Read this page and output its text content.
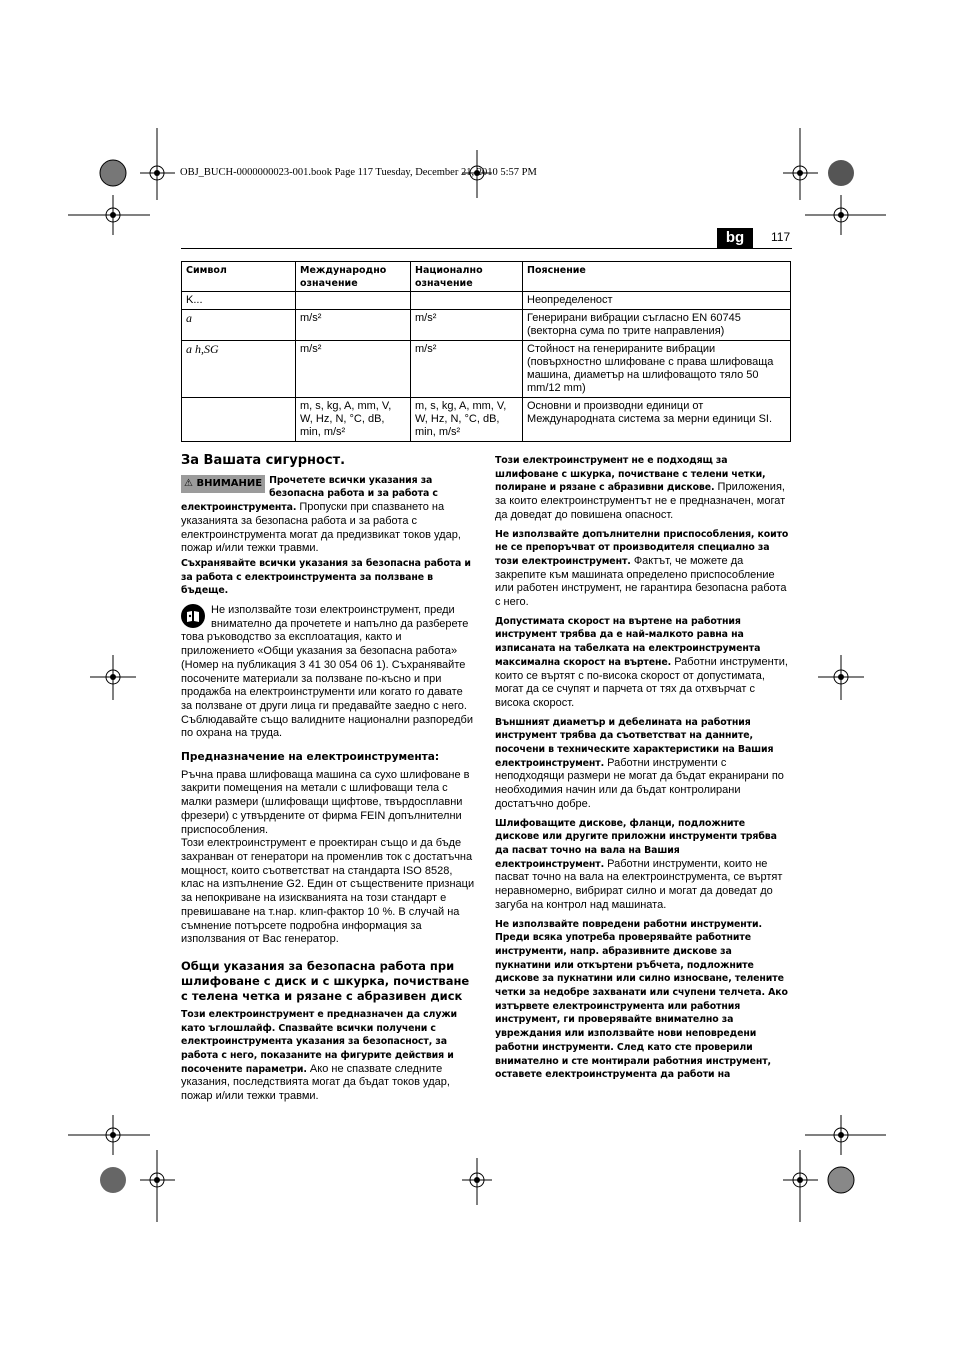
OBJ_BUCH-0000000023-001.book Page 117 Tuesday, December 21, 2010 5:57 PM
bg	117
Символ	Международно означение	Национално означение	Пояснение
K...			Неопределеност
a	m/s²	m/s²	Генерирани вибрации съгласно EN 60745 (векторна сума по трите направления)
a h,SG	m/s²	m/s²	Стойност на генерираните вибрации (повърхностно шлифоване с права шлифоваща машина, диаметър на шлифоващото тяло 50 mm/12 mm)
	m, s, kg, A, mm, V, W, Hz, N, °C, dB, min, m/s²	m, s, kg, A, mm, V, W, Hz, N, °C, dB, min, m/s²	Основни и производни единици от Международната система за мерни единици SI.
За Вашата сигурност.

⚠ ВНИМАНИЕ Прочетете всички указания за безопасна работа и за работа с електроинструмента. Пропуски при спазването на указанията за безопасна работа и за работа с електроинструмента могат да предизвикат токов удар, пожар и/или тежки травми.

Съхранявайте всички указания за безопасна работа и за работа с електроинструмента за ползване в бъдеще.

Не използвайте този електроинструмент, преди внимателно да прочетете и напълно да разберете това ръководство за експлоатация, както и приложението «Общи указания за безопасна работа» (Номер на публикация 3 41 30 054 06 1). Съхранявайте посочените материали за ползване по-късно и при продажба на електроинструменти или когато го давате за ползване от други лица ги предавайте заедно с него.

Съблюдавайте също валидните национални разпоредби по охрана на труда.

Предназначение на електроинструмента:

Ръчна права шлифоваща машина са сухо шлифоване в закрити помещения на метали с шлифоващи тела с малки размери (шлифоващи щифтове, твърдосплавни фрезери) с утвърдените от фирма FEIN допълнителни приспособления.

Този електроинструмент е проектиран също и да бъде захранван от генератори на променлив ток с достатъчна мощност, които съответстват на стандарта ISO 8528, клас на изпълнение G2. Един от съществените признаци за непокриване на изискванията на този стандарт е превишаване на т.нар. клип-фактор 10 %. В случай на съмнение потърсете подробна информация за използвания от Вас генератор.

Общи указания за безопасна работа при шлифоване с диск и с шкурка, почистване с телена четка и рязане с абразивен диск

Този електроинструмент е предназначен да служи като ъглошлайф. Спазвайте всички получени с електроинструмента указания за безопасност, за работа с него, показаните на фигурите действия и посочените параметри. Ако не спазвате следните указания, последствията могат да бъдат токов удар, пожар и/или тежки травми.

Този електроинструмент не е подходящ за шлифоване с шкурка, почистване с телени четки, полиране и рязане с абразивни дискове. Приложения, за които електроинструментът не е предназначен, могат да доведат до повишена опасност.

Не използвайте допълнителни приспособления, които не се препоръчват от производителя специално за този електроинструмент. Фактът, че можете да закрепите към машината определено приспособление или работен инструмент, не гарантира безопасна работа с него.

Допустимата скорост на въртене на работния инструмент трябва да е най-малкото равна на изписаната на табелката на електроинструмента максимална скорост на въртене. Работни инструменти, които се въртят с по-висока скорост от допустимата, могат да се счупят и парчета от тях да отхвърчат с висока скорост.

Външният диаметър и дебелината на работния инструмент трябва да съответстват на данните, посочени в техническите характеристики на Вашия електроинструмент. Работни инструменти с неподходящи размери не могат да бъдат екранирани по необходимия начин или да бъдат контролирани достатъчно добре.

Шлифоващите дискове, фланци, подложните дискове или другите приложни инструменти трябва да пасват точно на вала на Вашия електроинструмент. Работни инструменти, които не пасват точно на вала на електроинструмента, се въртят неравномерно, вибрират силно и могат да доведат до загуба на контрол над машината.

Не използвайте повредени работни инструменти. Преди всяка употреба проверявайте работните инструменти, напр. абразивните дискове за пукнатини или откъртени ръбчета, подложните дискове за пукнатини или силно износване, телените четки за недобре захванати или счупени телчета. Ако изтървете електроинструмента или работния инструмент, ги проверявайте внимателно за увреждания или използвайте нови неповредени работни инструменти. След като сте проверили внимателно и сте монтирали работния инструмент, оставете електроинструмента да работи на
